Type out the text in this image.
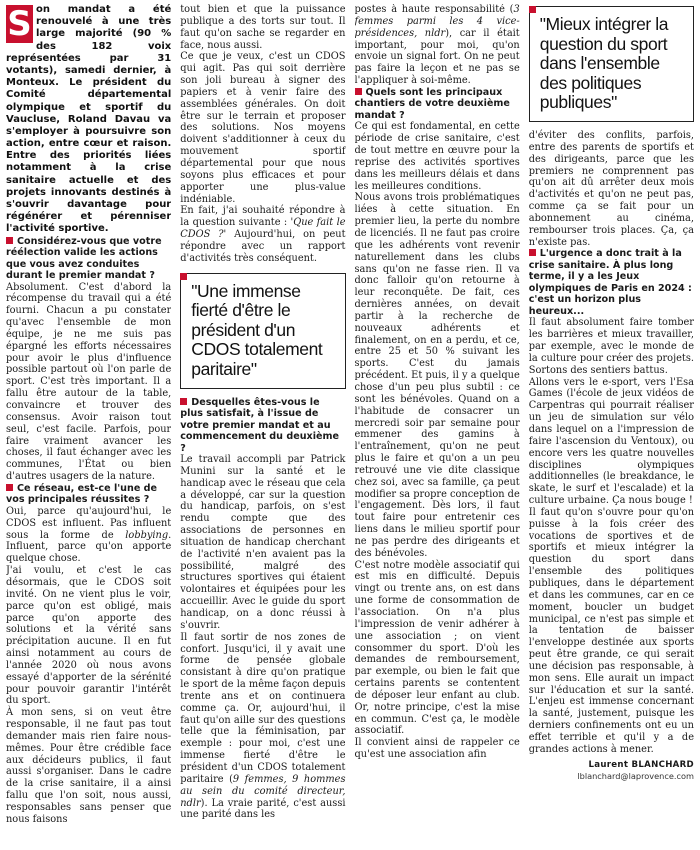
S on mandat a été renouvelé à une très large majorité (90 % des 182 voix représentées par 31 votants), samedi dernier, à Monteux. Le président du Comité départemental olympique et sportif du Vaucluse, Roland Davau va s'employer à poursuivre son action, entre cœur et raison. Entre des priorités liées notamment à la crise sanitaire actuelle et des projets innovants destinés à s'ouvrir davantage pour régénérer et pérenniser l'activité sportive.

Considérez-vous que votre réélection valide les actions que vous avez conduites durant le premier mandat ?

Absolument. C'est d'abord la récompense du travail qui a été fourni. Chacun a pu constater qu'avec l'ensemble de mon équipe, je ne me suis pas épargné les efforts nécessaires pour avoir le plus d'influence possible partout où l'on parle de sport. C'est très important. Il a fallu être autour de la table, convaincre et trouver des consensus. Avoir raison tout seul, c'est facile. Parfois, pour faire vraiment avancer les choses, il faut échanger avec les communes, l'État ou bien d'autres usagers de la nature.

Ce réseau, est-ce l'une de vos principales réussites ?

Oui, parce qu'aujourd'hui, le CDOS est influent. Pas influent sous la forme de lobbying. Influent, parce qu'on apporte quelque chose.

J'ai voulu, et c'est le cas désormais, que le CDOS soit invité. On ne vient plus le voir, parce qu'on est obligé, mais parce qu'on apporte des solutions et la vérité sans précipitation aucune. Il en fut ainsi notamment au cours de l'année 2020 où nous avons essayé d'apporter de la sérénité pour pouvoir garantir l'intérêt du sport.

À mon sens, si on veut être responsable, il ne faut pas tout demander mais rien faire nous-mêmes. Pour être crédible face aux décideurs publics, il faut aussi s'organiser. Dans le cadre de la crise sanitaire, il a ainsi fallu que l'on soit, nous aussi, responsables sans penser que nous faisons

tout bien et que la puissance publique a des torts sur tout. Il faut qu'on sache se regarder en face, nous aussi.

Ce que je veux, c'est un CDOS qui agit. Pas qui soit derrière son joli bureau à signer des papiers et à venir faire des assemblées générales. On doit être sur le terrain et proposer des solutions. Nos moyens doivent s'additionner à ceux du mouvement sportif départemental pour que nous soyons plus efficaces et pour apporter une plus-value indéniable.

En fait, j'ai souhaité répondre à la question suivante : 'Que fait le CDOS ?' Aujourd'hui, on peut répondre avec un rapport d'activités très conséquent.

"Une immense fierté d'être le président d'un CDOS totalement paritaire"

Desquelles êtes-vous le plus satisfait, à l'issue de votre premier mandat et au commencement du deuxième ?

Le travail accompli par Patrick Munini sur la santé et le handicap avec le réseau que cela a développé, car sur la question du handicap, parfois, on s'est rendu compte que des associations de personnes en situation de handicap cherchant de l'activité n'en avaient pas la possibilité, malgré des structures sportives qui étaient volontaires et équipées pour les accueillir. Avec le guide du sport handicap, on a donc réussi à s'ouvrir.

Il faut sortir de nos zones de confort. Jusqu'ici, il y avait une forme de pensée globale consistant à dire qu'on pratique le sport de la même façon depuis trente ans et on continuera comme ça. Or, aujourd'hui, il faut qu'on aille sur des questions telle que la féminisation, par exemple : pour moi, c'est une immense fierté d'être le président d'un CDOS totalement paritaire (9 femmes, 9 hommes au sein du comité directeur, ndlr). La vraie parité, c'est aussi une parité dans les

postes à haute responsabilité (3 femmes parmi les 4 vice-présidences, nldr), car il était important, pour moi, qu'on envoie un signal fort. On ne peut pas faire la leçon et ne pas se l'appliquer à soi-même.

Quels sont les principaux chantiers de votre deuxième mandat ?

Ce qui est fondamental, en cette période de crise sanitaire, c'est de tout mettre en œuvre pour la reprise des activités sportives dans les meilleurs délais et dans les meilleures conditions.

Nous avons trois problématiques liées à cette situation. En premier lieu, la perte du nombre de licenciés. Il ne faut pas croire que les adhérents vont revenir naturellement dans les clubs sans qu'on ne fasse rien. Il va donc falloir qu'on retourne à leur reconquête. De fait, ces dernières années, on devait partir à la recherche de nouveaux adhérents et finalement, on en a perdu, et ce, entre 25 et 50 % suivant les sports. C'est du jamais précédent. Et puis, il y a quelque chose d'un peu plus subtil : ce sont les bénévoles. Quand on a l'habitude de consacrer un mercredi soir par semaine pour emmener des gamins à l'entraînement, qu'on ne peut plus le faire et qu'on a un peu retrouvé une vie dite classique chez soi, avec sa famille, ça peut modifier sa propre conception de l'engagement. Dès lors, il faut tout faire pour entretenir ces liens dans le milieu sportif pour ne pas perdre des dirigeants et des bénévoles.

C'est notre modèle associatif qui est mis en difficulté. Depuis vingt ou trente ans, on est dans une forme de consommation de l'association. On n'a plus l'impression de venir adhérer à une association ; on vient consommer du sport. D'où les demandes de remboursement, par exemple, ou bien le fait que certains parents se contentent de déposer leur enfant au club. Or, notre principe, c'est la mise en commun. C'est ça, le modèle associatif.

Il convient ainsi de rappeler ce qu'est une association afin

"Mieux intégrer la question du sport dans l'ensemble des politiques publiques"

d'éviter des conflits, parfois, entre des parents de sportifs et des dirigeants, parce que les premiers ne comprennent pas qu'on ait dû arrêter deux mois d'activités et qu'on ne peut pas, comme ça se fait pour un abonnement au cinéma, rembourser trois places. Ça, ça n'existe pas.

L'urgence a donc trait à la crise sanitaire. À plus long terme, il y a les Jeux olympiques de Paris en 2024 : c'est un horizon plus heureux...

Il faut absolument faire tomber les barrières et mieux travailler, par exemple, avec le monde de la culture pour créer des projets. Sortons des sentiers battus.

Allons vers le e-sport, vers l'Esa Games (l'école de jeux vidéos de Carpentras qui pourrait réaliser un jeu de simulation sur vélo dans lequel on a l'impression de faire l'ascension du Ventoux), ou encore vers les quatre nouvelles disciplines olympiques additionnelles (le breakdance, le skate, le surf et l'escalade) et la culture urbaine. Ça nous bouge !

Il faut qu'on s'ouvre pour qu'on puisse à la fois créer des vocations de sportives et de sportifs et mieux intégrer la question du sport dans l'ensemble des politiques publiques, dans le département et dans les communes, car en ce moment, boucler un budget municipal, ce n'est pas simple et la tentation de baisser l'enveloppe destinée aux sports peut être grande, ce qui serait une décision pas responsable, à mon sens. Elle aurait un impact sur l'éducation et sur la santé. L'enjeu est immense concernant la santé, justement, puisque les derniers confinements ont eu un effet terrible et qu'il y a de grandes actions à mener.

Laurent BLANCHARD
lblanchard@laprovence.com
